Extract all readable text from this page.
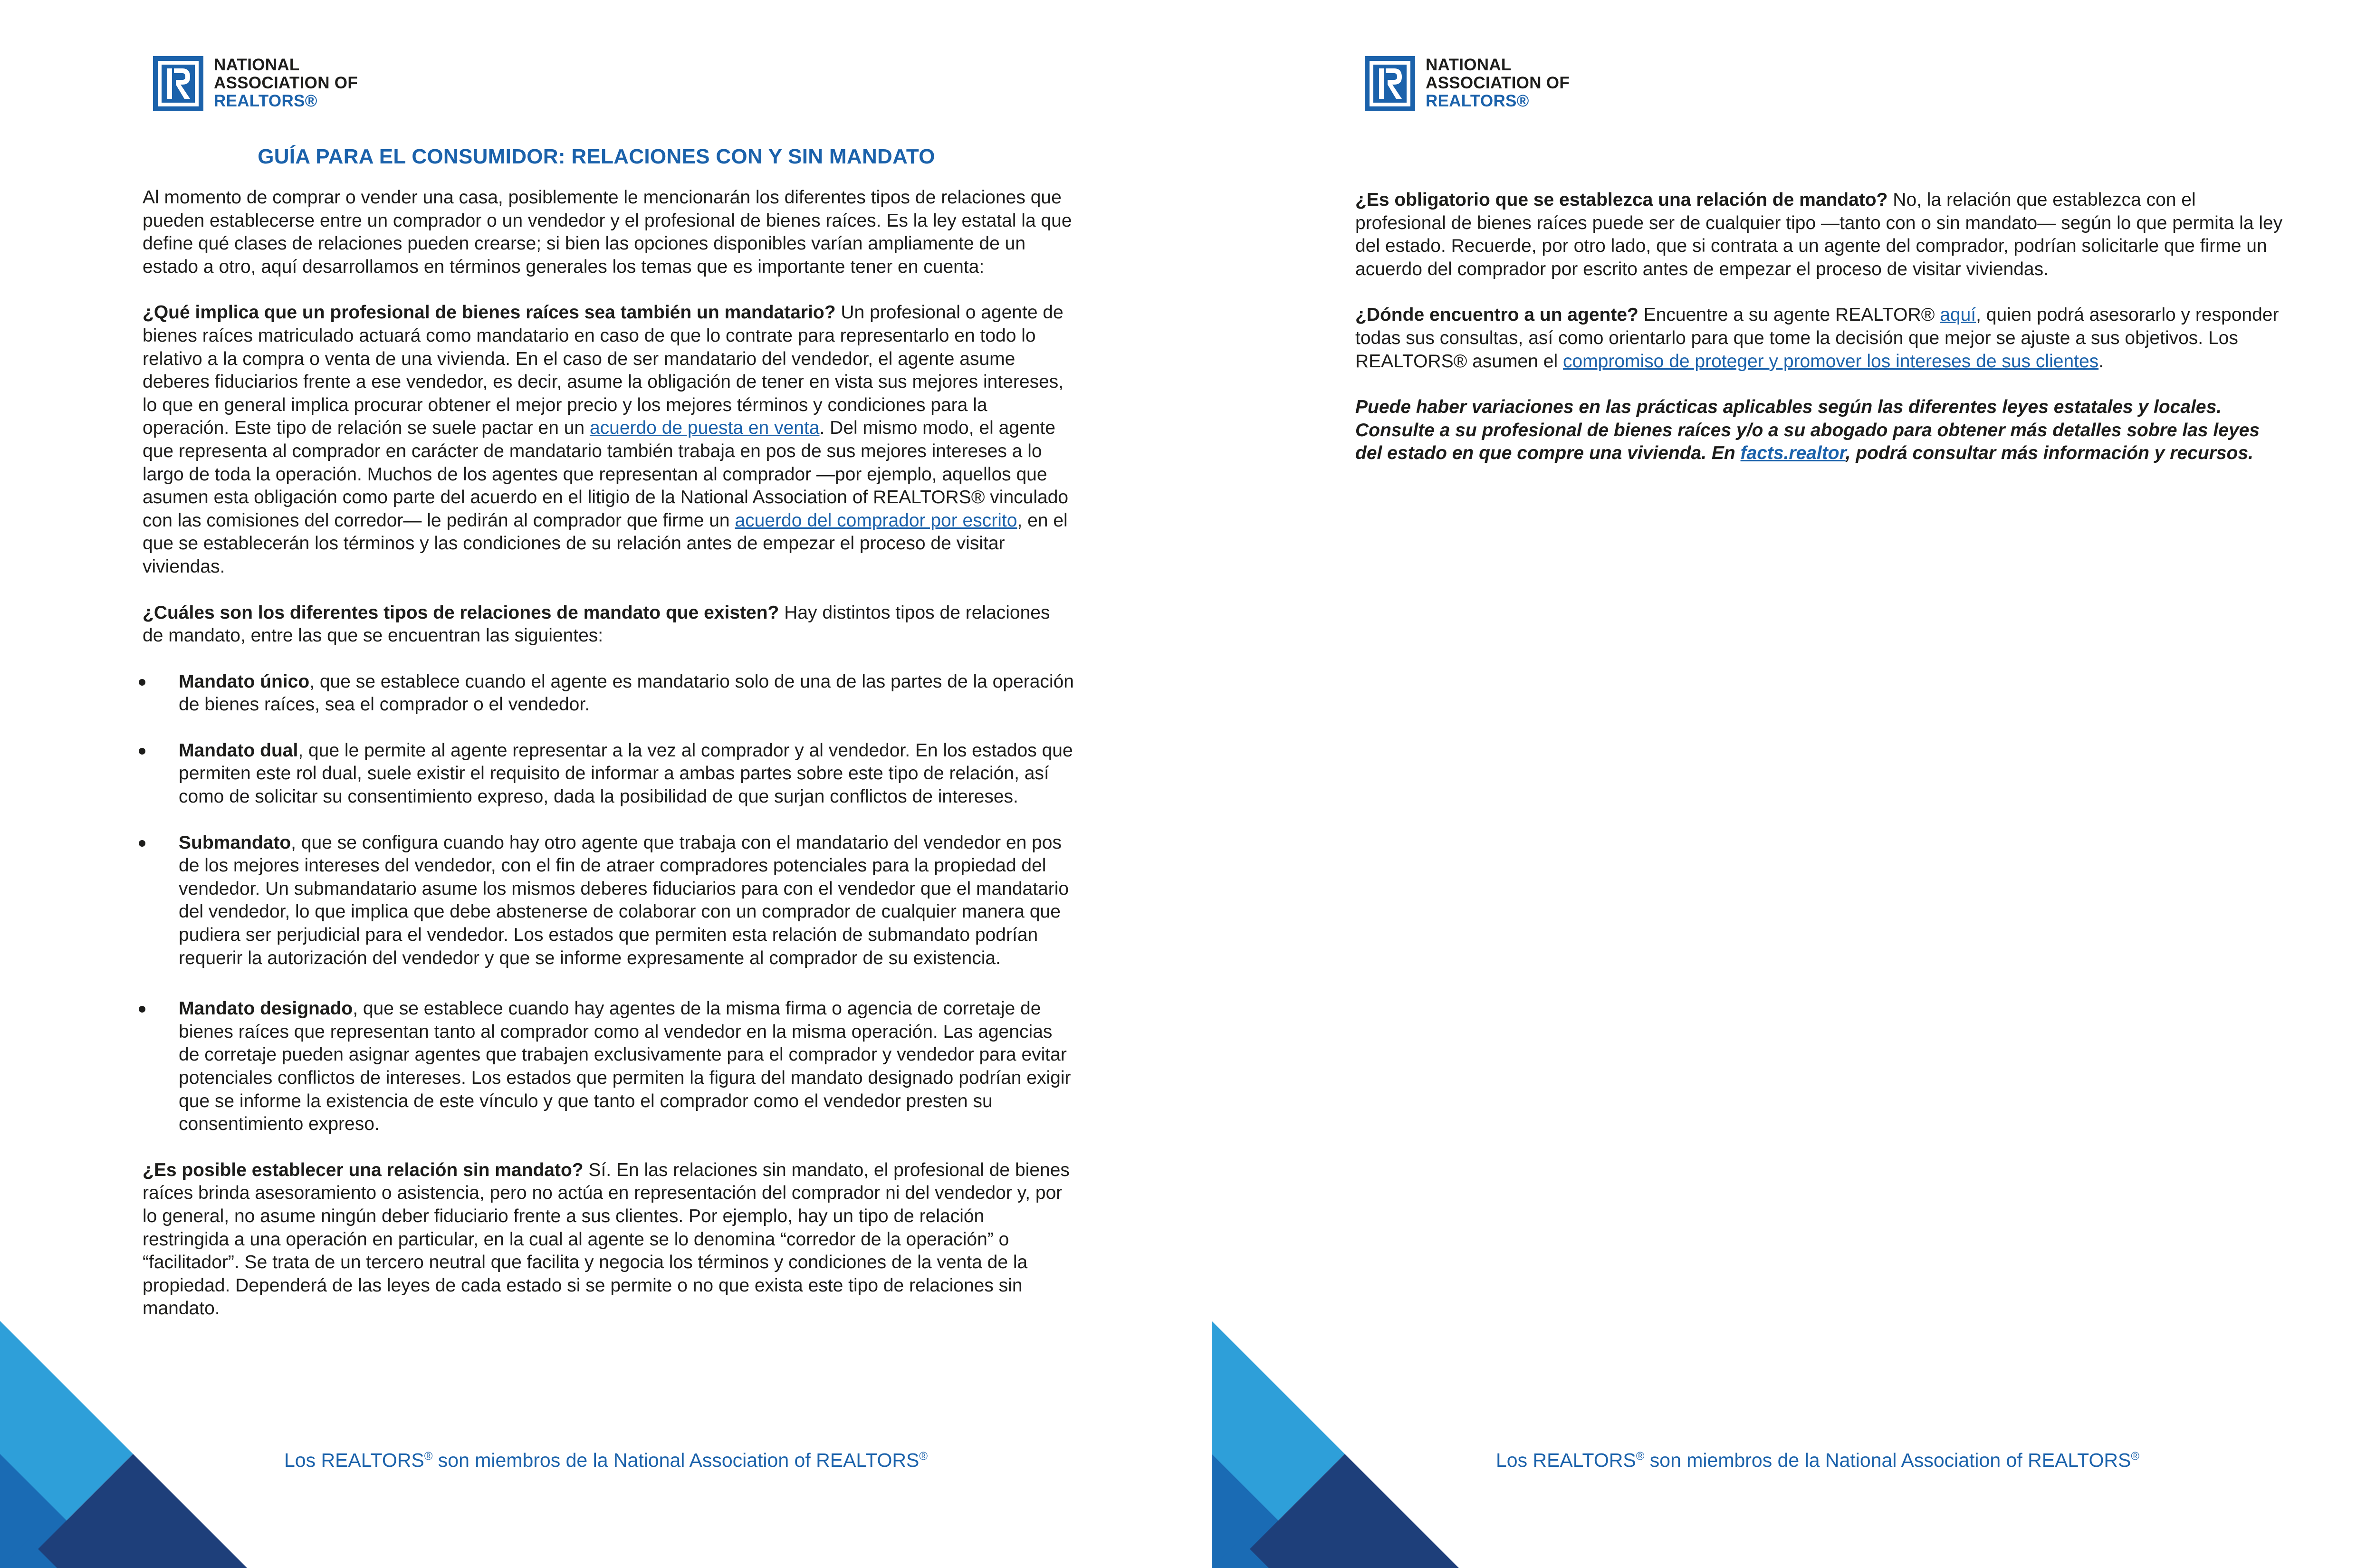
NATIONAL
ASSOCIATION OF
REALTORS®
GUÍA PARA EL CONSUMIDOR: RELACIONES CON Y SIN MANDATO

Al momento de comprar o vender una casa, posiblemente le mencionarán los diferentes tipos de relaciones que pueden establecerse entre un comprador o un vendedor y el profesional de bienes raíces. Es la ley estatal la que define qué clases de relaciones pueden crearse; si bien las opciones disponibles varían ampliamente de un estado a otro, aquí desarrollamos en términos generales los temas que es importante tener en cuenta:

¿Qué implica que un profesional de bienes raíces sea también un mandatario? Un profesional o agente de bienes raíces matriculado actuará como mandatario en caso de que lo contrate para representarlo en todo lo relativo a la compra o venta de una vivienda. En el caso de ser mandatario del vendedor, el agente asume deberes fiduciarios frente a ese vendedor, es decir, asume la obligación de tener en vista sus mejores intereses, lo que en general implica procurar obtener el mejor precio y los mejores términos y condiciones para la operación. Este tipo de relación se suele pactar en un acuerdo de puesta en venta. Del mismo modo, el agente que representa al comprador en carácter de mandatario también trabaja en pos de sus mejores intereses a lo largo de toda la operación. Muchos de los agentes que representan al comprador —por ejemplo, aquellos que asumen esta obligación como parte del acuerdo en el litigio de la National Association of REALTORS® vinculado con las comisiones del corredor— le pedirán al comprador que firme un acuerdo del comprador por escrito, en el que se establecerán los términos y las condiciones de su relación antes de empezar el proceso de visitar viviendas.

¿Cuáles son los diferentes tipos de relaciones de mandato que existen? Hay distintos tipos de relaciones de mandato, entre las que se encuentran las siguientes:

Mandato único, que se establece cuando el agente es mandatario solo de una de las partes de la operación de bienes raíces, sea el comprador o el vendedor.
Mandato dual, que le permite al agente representar a la vez al comprador y al vendedor. En los estados que permiten este rol dual, suele existir el requisito de informar a ambas partes sobre este tipo de relación, así como de solicitar su consentimiento expreso, dada la posibilidad de que surjan conflictos de intereses.
Submandato, que se configura cuando hay otro agente que trabaja con el mandatario del vendedor en pos de los mejores intereses del vendedor, con el fin de atraer compradores potenciales para la propiedad del vendedor. Un submandatario asume los mismos deberes fiduciarios para con el vendedor que el mandatario del vendedor, lo que implica que debe abstenerse de colaborar con un comprador de cualquier manera que pudiera ser perjudicial para el vendedor. Los estados que permiten esta relación de submandato podrían requerir la autorización del vendedor y que se informe expresamente al comprador de su existencia.
Mandato designado, que se establece cuando hay agentes de la misma firma o agencia de corretaje de bienes raíces que representan tanto al comprador como al vendedor en la misma operación. Las agencias de corretaje pueden asignar agentes que trabajen exclusivamente para el comprador y vendedor para evitar potenciales conflictos de intereses. Los estados que permiten la figura del mandato designado podrían exigir que se informe la existencia de este vínculo y que tanto el comprador como el vendedor presten su consentimiento expreso.

¿Es posible establecer una relación sin mandato? Sí. En las relaciones sin mandato, el profesional de bienes raíces brinda asesoramiento o asistencia, pero no actúa en representación del comprador ni del vendedor y, por lo general, no asume ningún deber fiduciario frente a sus clientes. Por ejemplo, hay un tipo de relación restringida a una operación en particular, en la cual al agente se lo denomina “corredor de la operación” o “facilitador”. Se trata de un tercero neutral que facilita y negocia los términos y condiciones de la venta de la propiedad. Dependerá de las leyes de cada estado si se permite o no que exista este tipo de relaciones sin mandato.

Los REALTORS® son miembros de la National Association of REALTORS®
NATIONAL
ASSOCIATION OF
REALTORS®

¿Es obligatorio que se establezca una relación de mandato? No, la relación que establezca con el profesional de bienes raíces puede ser de cualquier tipo —tanto con o sin mandato— según lo que permita la ley del estado. Recuerde, por otro lado, que si contrata a un agente del comprador, podrían solicitarle que firme un acuerdo del comprador por escrito antes de empezar el proceso de visitar viviendas.

¿Dónde encuentro a un agente? Encuentre a su agente REALTOR® aquí, quien podrá asesorarlo y responder todas sus consultas, así como orientarlo para que tome la decisión que mejor se ajuste a sus objetivos. Los REALTORS® asumen el compromiso de proteger y promover los intereses de sus clientes.

Puede haber variaciones en las prácticas aplicables según las diferentes leyes estatales y locales. Consulte a su profesional de bienes raíces y/o a su abogado para obtener más detalles sobre las leyes del estado en que compre una vivienda. En facts.realtor, podrá consultar más información y recursos.

Los REALTORS® son miembros de la National Association of REALTORS®
